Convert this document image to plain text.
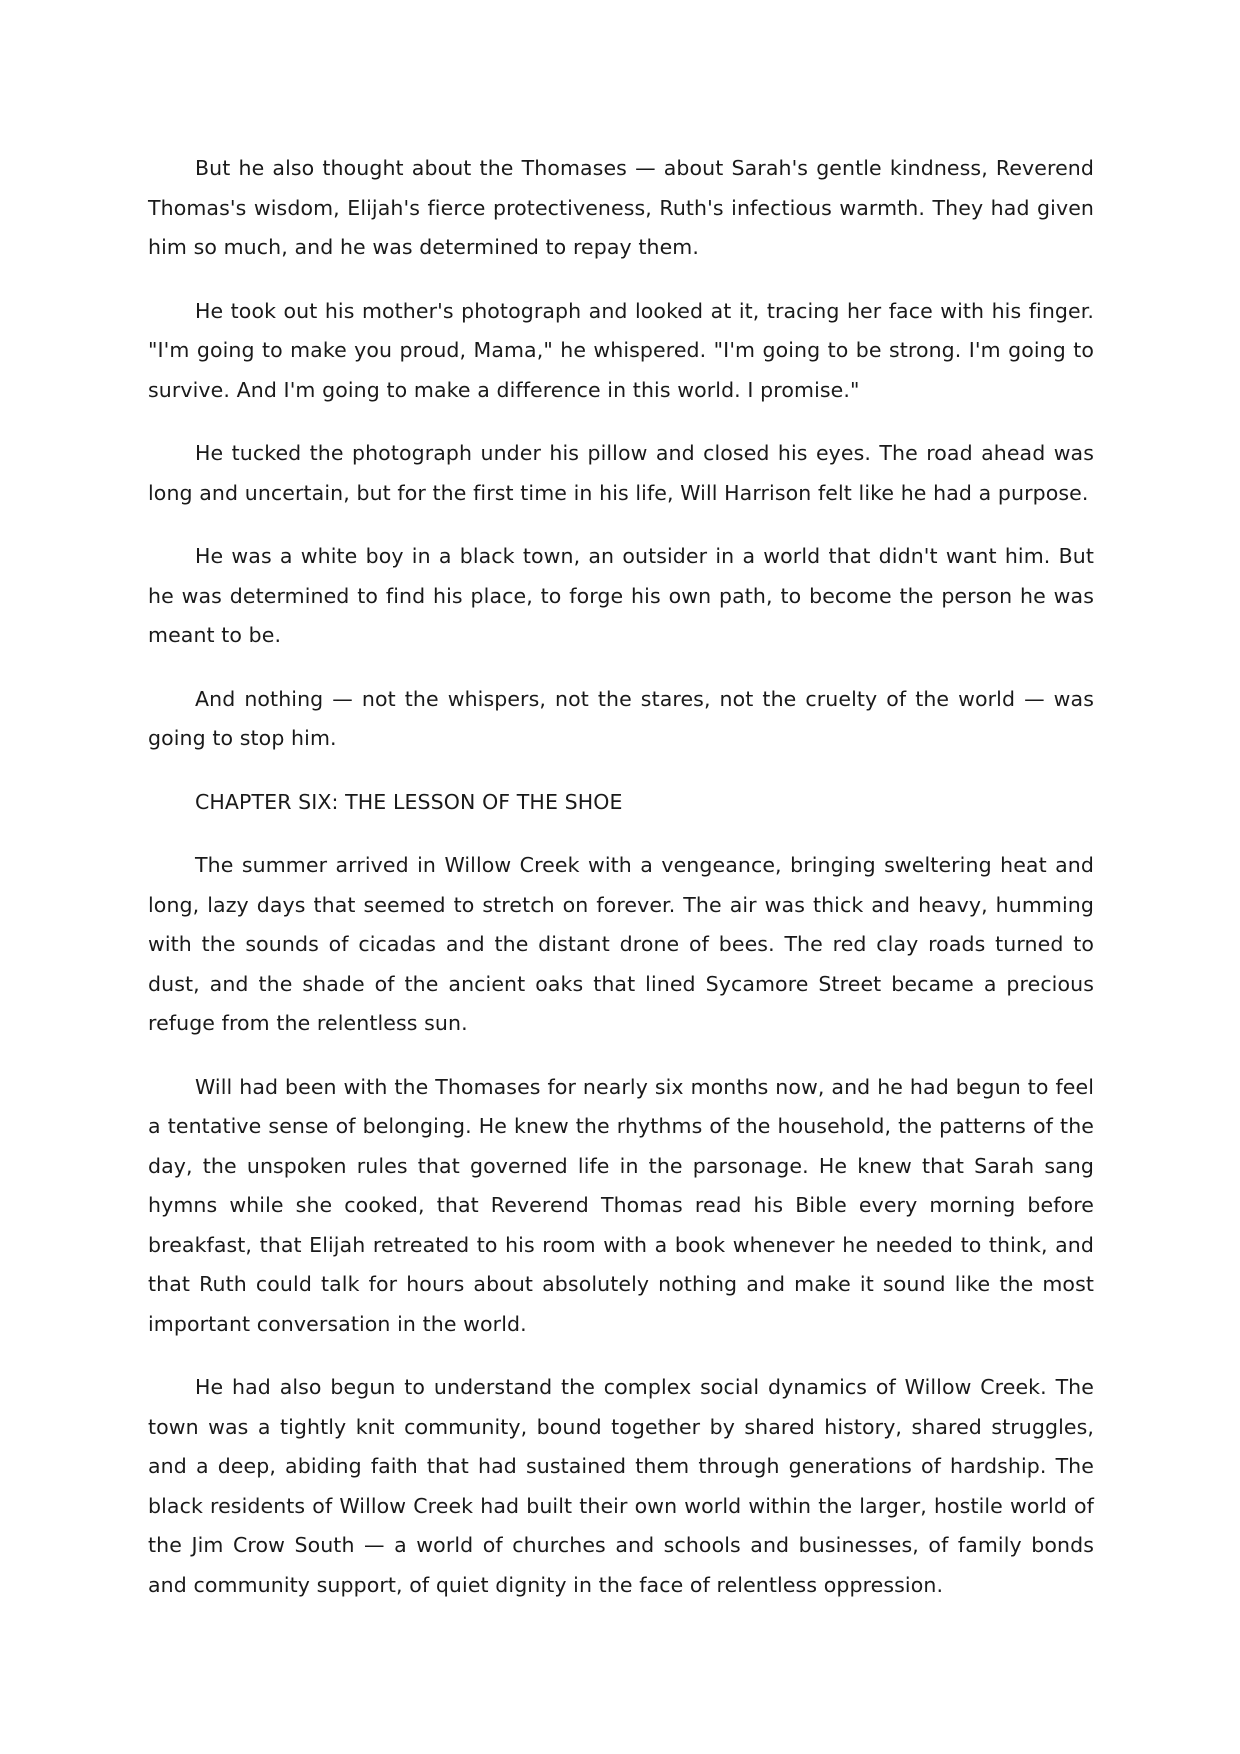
But he also thought about the Thomases — about Sarah's gentle kindness, Reverend Thomas's wisdom, Elijah's fierce protectiveness, Ruth's infectious warmth. They had given him so much, and he was determined to repay them.

He took out his mother's photograph and looked at it, tracing her face with his finger. "I'm going to make you proud, Mama," he whispered. "I'm going to be strong. I'm going to survive. And I'm going to make a difference in this world. I promise."

He tucked the photograph under his pillow and closed his eyes. The road ahead was long and uncertain, but for the first time in his life, Will Harrison felt like he had a purpose.

He was a white boy in a black town, an outsider in a world that didn't want him. But he was determined to find his place, to forge his own path, to become the person he was meant to be.

And nothing — not the whispers, not the stares, not the cruelty of the world — was going to stop him.

CHAPTER SIX: THE LESSON OF THE SHOE

The summer arrived in Willow Creek with a vengeance, bringing sweltering heat and long, lazy days that seemed to stretch on forever. The air was thick and heavy, humming with the sounds of cicadas and the distant drone of bees. The red clay roads turned to dust, and the shade of the ancient oaks that lined Sycamore Street became a precious refuge from the relentless sun.

Will had been with the Thomases for nearly six months now, and he had begun to feel a tentative sense of belonging. He knew the rhythms of the household, the patterns of the day, the unspoken rules that governed life in the parsonage. He knew that Sarah sang hymns while she cooked, that Reverend Thomas read his Bible every morning before breakfast, that Elijah retreated to his room with a book whenever he needed to think, and that Ruth could talk for hours about absolutely nothing and make it sound like the most important conversation in the world.

He had also begun to understand the complex social dynamics of Willow Creek. The town was a tightly knit community, bound together by shared history, shared struggles, and a deep, abiding faith that had sustained them through generations of hardship. The black residents of Willow Creek had built their own world within the larger, hostile world of the Jim Crow South — a world of churches and schools and businesses, of family bonds and community support, of quiet dignity in the face of relentless oppression.
